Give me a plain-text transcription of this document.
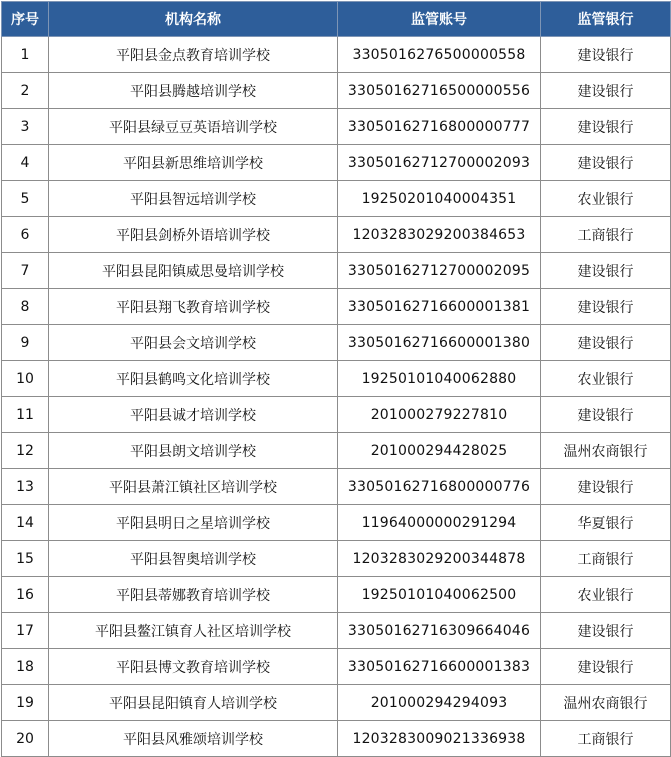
序号	机构名称	监管账号	监管银行
1	平阳县金点教育培训学校	3305016276500000558	建设银行
2	平阳县腾越培训学校	33050162716500000556	建设银行
3	平阳县绿豆豆英语培训学校	33050162716800000777	建设银行
4	平阳县新思维培训学校	33050162712700002093	建设银行
5	平阳县智远培训学校	19250201040004351	农业银行
6	平阳县剑桥外语培训学校	1203283029200384653	工商银行
7	平阳县昆阳镇威思曼培训学校	33050162712700002095	建设银行
8	平阳县翔飞教育培训学校	33050162716600001381	建设银行
9	平阳县会文培训学校	33050162716600001380	建设银行
10	平阳县鹤鸣文化培训学校	19250101040062880	农业银行
11	平阳县诚才培训学校	201000279227810	建设银行
12	平阳县朗文培训学校	201000294428025	温州农商银行
13	平阳县萧江镇社区培训学校	33050162716800000776	建设银行
14	平阳县明日之星培训学校	11964000000291294	华夏银行
15	平阳县智奥培训学校	1203283029200344878	工商银行
16	平阳县蒂娜教育培训学校	19250101040062500	农业银行
17	平阳县鳌江镇育人社区培训学校	33050162716309664046	建设银行
18	平阳县博文教育培训学校	33050162716600001383	建设银行
19	平阳县昆阳镇育人培训学校	201000294294093	温州农商银行
20	平阳县风雅颂培训学校	1203283009021336938	工商银行
